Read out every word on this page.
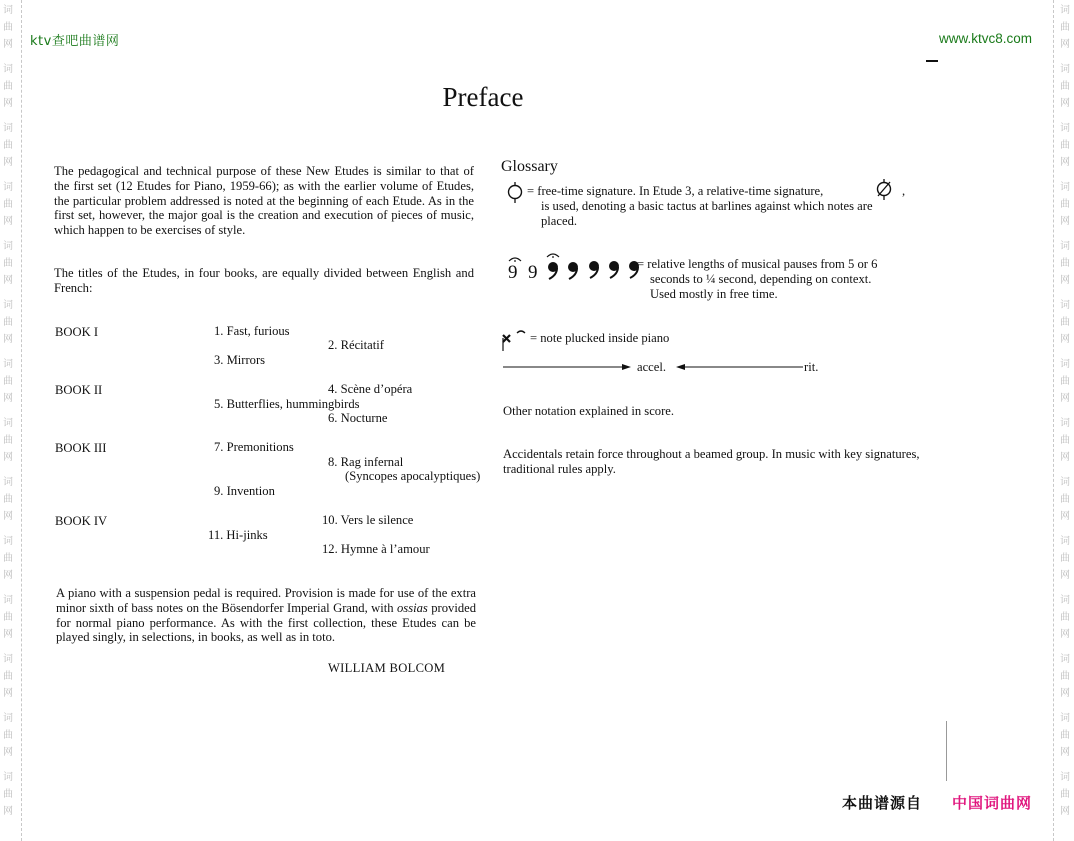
词
曲
网
词
曲
网
词
曲
网
词
曲
网
词
曲
网
词
曲
网
词
曲
网
词
曲
网
词
曲
网
词
曲
网
词
曲
网
词
曲
网
词
曲
网
词
曲
网
词
曲
网
词
曲
网
词
曲
网
词
曲
网
词
曲
网
词
曲
网
词
曲
网
词
曲
网
词
曲
网
词
曲
网
词
曲
网
词
曲
网
词
曲
网
词
曲
网
ktv查吧曲谱网	www.ktvc8.com
Preface
The pedagogical and technical purpose of these New Etudes is similar to that of the first set (12 Etudes for Piano, 1959-66); as with the earlier volume of Etudes, the particular problem addressed is noted at the beginning of each Etude. As in the first set, however, the major goal is the creation and execution of pieces of music, which happen to be exercises of style.
The titles of the Etudes, in four books, are equally divided between English and French:
BOOK I	1. Fast, furious
2. Récitatif
3. Mirrors
BOOK II	4. Scène d’opéra
5. Butterflies, hummingbirds
6. Nocturne
BOOK III	7. Premonitions
8. Rag infernal
(Syncopes apocalyptiques)
9. Invention
BOOK IV	10. Vers le silence
11. Hi-jinks
12. Hymne à l’amour
A piano with a suspension pedal is required. Provision is made for use of the extra minor sixth of bass notes on the Bösendorfer Imperial Grand, with ossias provided for normal piano performance. As with the first collection, these Etudes can be played singly, in selections, in books, as well as in toto.
WILLIAM BOLCOM
Glossary
= free-time signature. In Etude 3, a relative-time signature,	,
is used, denoting a basic tactus at barlines against which notes are
placed.
9 9	= relative lengths of musical pauses from 5 or 6
seconds to ¼ second, depending on context.
Used mostly in free time.
= note plucked inside piano
accel.	rit.
Other notation explained in score.
Accidentals retain force throughout a beamed group. In music with key signatures, traditional rules apply.
本曲谱源自 中国词曲网
